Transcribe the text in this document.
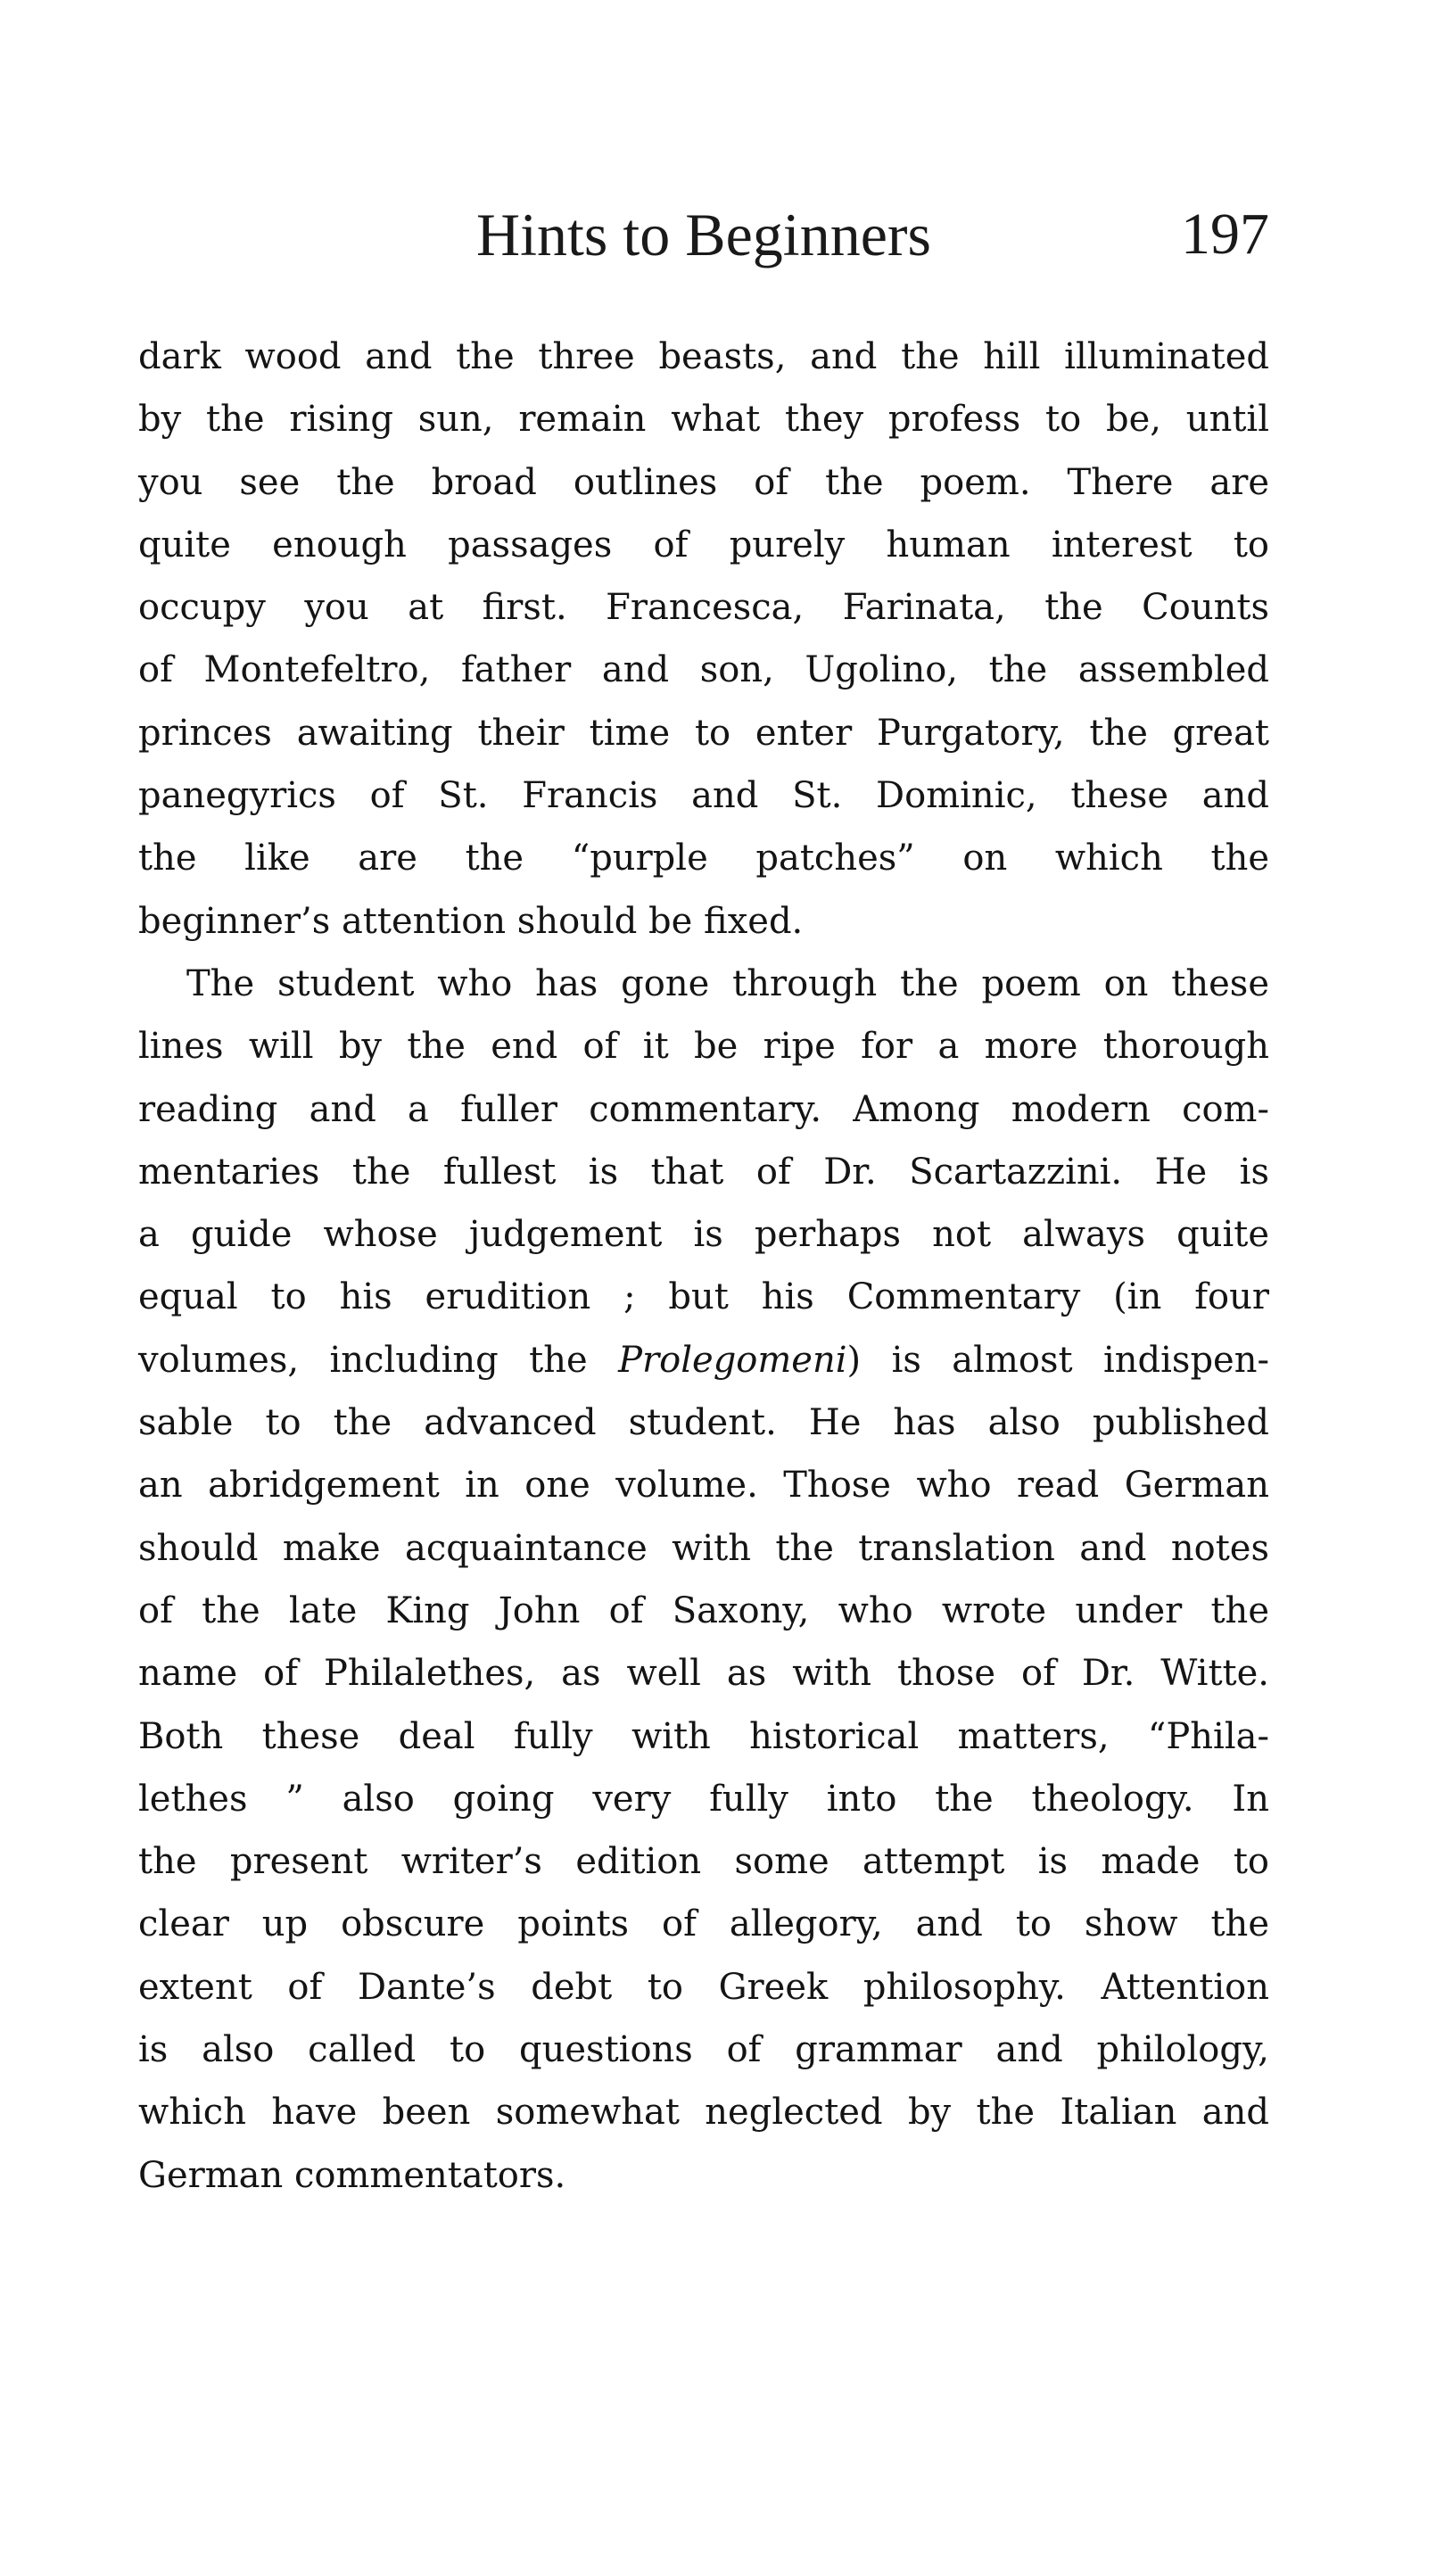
Hints to Beginners	197
dark wood and the three beasts, and the hill illuminated
by the rising sun, remain what they profess to be, until
you see the broad outlines of the poem. There are
quite enough passages of purely human interest to
occupy you at first. Francesca, Farinata, the Counts
of Montefeltro, father and son, Ugolino, the assembled
princes awaiting their time to enter Purgatory, the great
panegyrics of St. Francis and St. Dominic, these and
the like are the “purple patches” on which the
beginner’s attention should be fixed.
The student who has gone through the poem on these
lines will by the end of it be ripe for a more thorough
reading and a fuller commentary. Among modern com-
mentaries the fullest is that of Dr. Scartazzini. He is
a guide whose judgement is perhaps not always quite
equal to his erudition ; but his Commentary (in four
volumes, including the Prolegomeni) is almost indispen-
sable to the advanced student. He has also published
an abridgement in one volume. Those who read German
should make acquaintance with the translation and notes
of the late King John of Saxony, who wrote under the
name of Philalethes, as well as with those of Dr. Witte.
Both these deal fully with historical matters, “Phila-
lethes ” also going very fully into the theology. In
the present writer’s edition some attempt is made to
clear up obscure points of allegory, and to show the
extent of Dante’s debt to Greek philosophy. Attention
is also called to questions of grammar and philology,
which have been somewhat neglected by the Italian and
German commentators.
